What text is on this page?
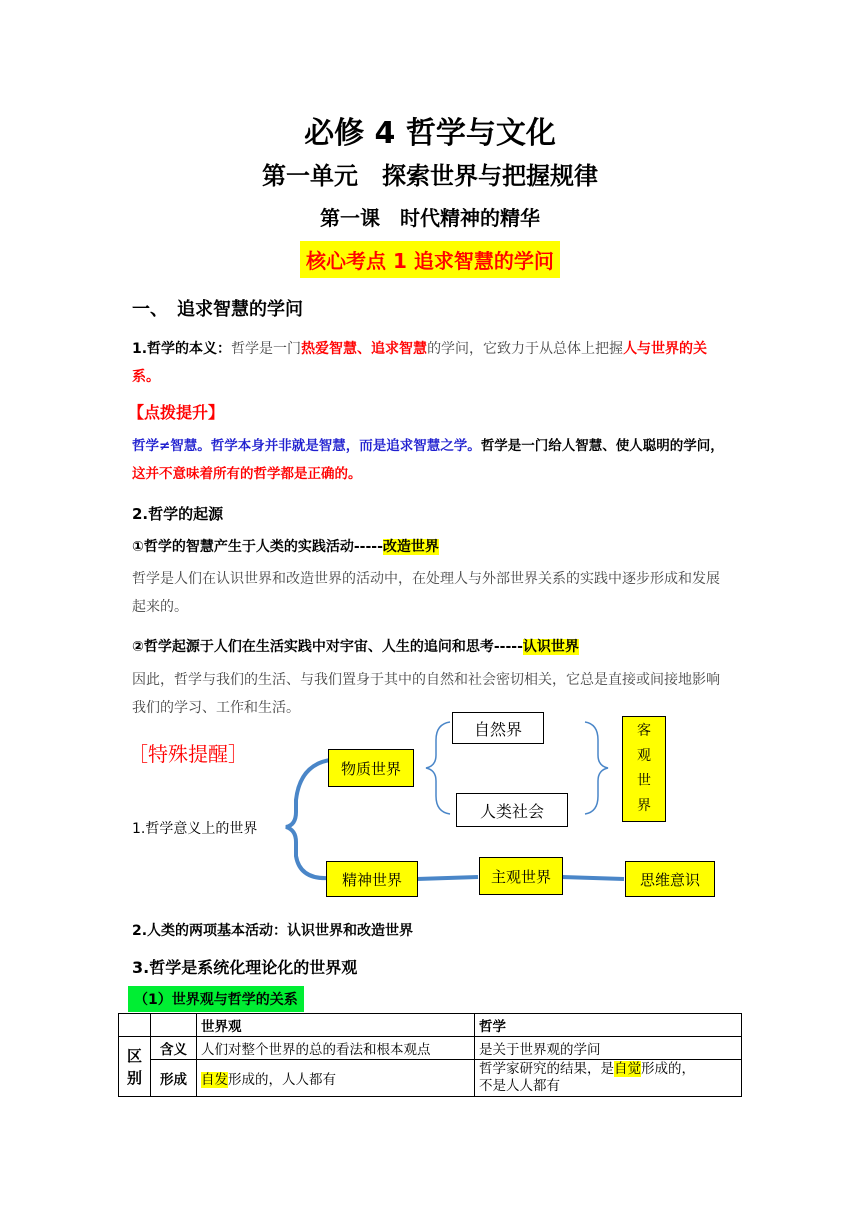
必修 4 哲学与文化
第一单元　探索世界与把握规律
第一课　时代精神的精华
核心考点 1 追求智慧的学问
一、　追求智慧的学问
1.哲学的本义：哲学是一门热爱智慧、追求智慧的学问，它致力于从总体上把握人与世界的关系。
【点拨提升】
哲学≠智慧。哲学本身并非就是智慧，而是追求智慧之学。哲学是一门给人智慧、使人聪明的学问，这并不意味着所有的哲学都是正确的。
2.哲学的起源
①哲学的智慧产生于人类的实践活动-----改造世界
哲学是人们在认识世界和改造世界的活动中，在处理人与外部世界关系的实践中逐步形成和发展起来的。
②哲学起源于人们在生活实践中对宇宙、人生的追问和思考-----认识世界
因此，哲学与我们的生活、与我们置身于其中的自然和社会密切相关，它总是直接或间接地影响我们的学习、工作和生活。
［特殊提醒］
1.哲学意义上的世界
物质世界
自然界
人类社会
客
观
世
界
精神世界	主观世界	思维意识
2.人类的两项基本活动：认识世界和改造世界
3.哲学是系统化理论化的世界观
（1）世界观与哲学的关系
		世界观	哲学

区
别	含义	人们对整个世界的总的看法和根本观点	是关于世界观的学问
	形成	自发形成的，人人都有	哲学家研究的结果，是自觉形成的，
不是人人都有
